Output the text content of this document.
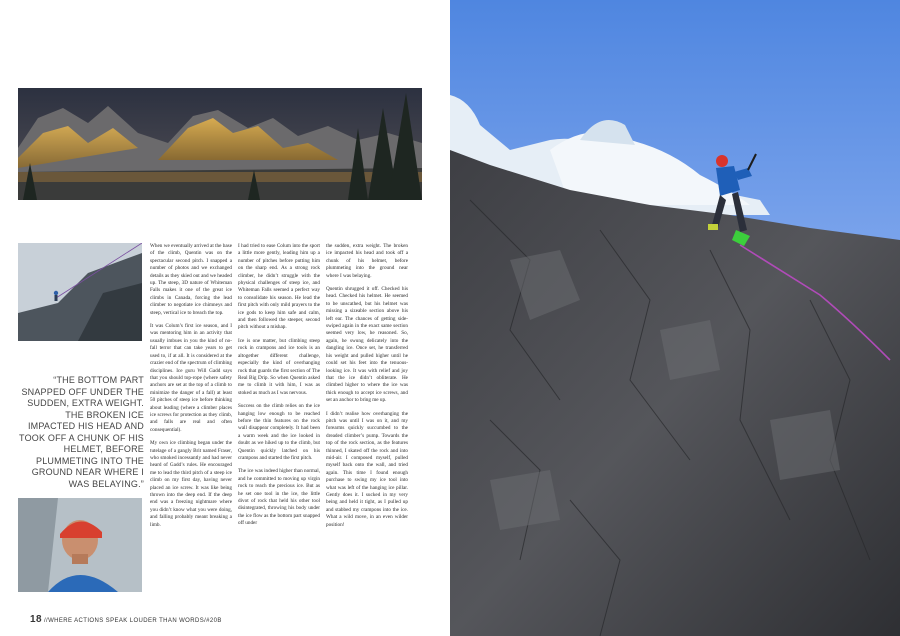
“THE BOTTOM PART SNAPPED OFF UNDER THE SUDDEN, EXTRA WEIGHT. THE BROKEN ICE IMPACTED HIS HEAD AND TOOK OFF A CHUNK OF HIS HELMET, BEFORE PLUMMETING INTO THE GROUND NEAR WHERE I WAS BELAYING.”

When we eventually arrived at the base of the climb, Quentin was on the spectacular second pitch. I snapped a number of photos and we exchanged details as they skied out and we headed up. The steep, 3D nature of Whiteman Falls makes it one of the great ice climbs in Canada, forcing the lead climber to negotiate ice chimneys and steep, vertical ice to breach the top.

It was Colum’s first ice season, and I was mentoring him in an activity that usually imbues in you the kind of no-fall terror that can take years to get used to, if at all. It is considered at the crazier end of the spectrum of climbing disciplines. Ice guru Will Gadd says that you should top-rope (where safety anchors are set at the top of a climb to minimize the danger of a fall) at least 50 pitches of steep ice before thinking about leading (where a climber places ice screws for protection as they climb, and falls are real and often consequential).

My own ice climbing began under the tutelage of a gangly Brit named Fraser, who smoked incessantly and had never heard of Gadd’s rules. He encouraged me to lead the third pitch of a steep ice climb on my first day, having never placed an ice screw. It was like being thrown into the deep end. If the deep end was a freezing nightmare where you didn’t know what you were doing, and falling probably meant breaking a limb.

I had tried to ease Colum into the sport a little more gently, leading him up a number of pitches before putting him on the sharp end. As a strong rock climber, he didn’t struggle with the physical challenges of steep ice, and Whiteman Falls seemed a perfect way to consolidate his season. He lead the first pitch with only mild prayers to the ice gods to keep him safe and calm, and then followed the steeper, second pitch without a mishap.

Ice is one matter, but climbing steep rock in crampons and ice tools is an altogether different challenge, especially the kind of overhanging rock that guards the first section of The Real Big Drip. So when Quentin asked me to climb it with him, I was as stoked as much as I was nervous.

Success on the climb relies on the ice hanging low enough to be reached before the thin features on the rock wall disappear completely. It had been a warm week and the ice looked in doubt as we hiked up to the climb, but Quentin quickly latched on his crampons and started the first pitch.

The ice was indeed higher than normal, and he committed to moving up virgin rock to reach the precious ice. But as he set one tool in the ice, the little divot of rock that held his other tool disintegrated, throwing his body under the ice flow as the bottom part snapped off under

the sudden, extra weight. The broken ice impacted his head and took off a chunk of his helmet, before plummeting into the ground near where I was belaying.

Quentin shrugged it off. Checked his head. Checked his helmet. He seemed to be unscathed, but his helmet was missing a sizeable section above his left ear. The chances of getting side-swiped again in the exact same section seemed very low, he reasoned. So, again, he swung delicately into the dangling ice. Once set, he transferred his weight and pulled higher until he could set his feet into the tenuous-looking ice. It was with relief and joy that the ice didn’t obliterate. He climbed higher to where the ice was thick enough to accept ice screws, and set an anchor to bring me up.

I didn’t realise how overhanging the pitch was until I was on it, and my forearms quickly succumbed to the dreaded climber’s pump. Towards the top of the rock section, as the features thinned, I skated off the rock and into mid-air. I composed myself, pulled myself back onto the wall, and tried again. This time I found enough purchase to swing my ice tool into what was left of the hanging ice pillar. Gently does it. I sucked in my very being and held it tight, as I pulled up and stabbed my crampons into the ice. What a wild move, in an even wilder position!

18 //WHERE ACTIONS SPEAK LOUDER THAN WORDS/#20B
